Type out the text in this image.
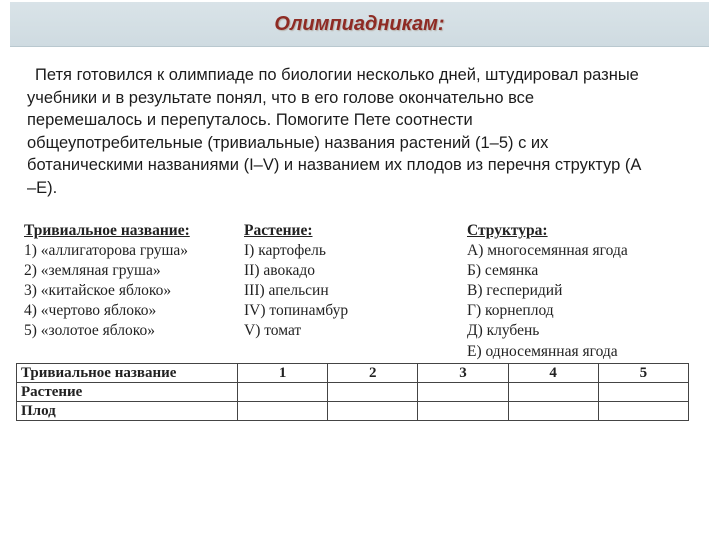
Олимпиадникам:
Петя готовился к олимпиаде по биологии несколько дней, штудировал разные
учебники и в результате понял, что в его голове окончательно все
перемешалось и перепуталось. Помогите Пете соотнести
общеупотребительные (тривиальные) названия растений (1–5) с их
ботаническими названиями (I–V) и названием их плодов из перечня структур (А
–Е).
Тривиальное название:
1) «аллигаторова груша»
2) «земляная груша»
3) «китайское яблоко»
4) «чертово яблоко»
5) «золотое яблоко»
Растение:
I) картофель
II) авокадо
III) апельсин
IV) топинамбур
V) томат
Структура:
А) многосемянная ягода
Б) семянка
В) гесперидий
Г) корнеплод
Д) клубень
Е) односемянная ягода
Тривиальное название	1	2	3	4	5
Растение					
Плод					
